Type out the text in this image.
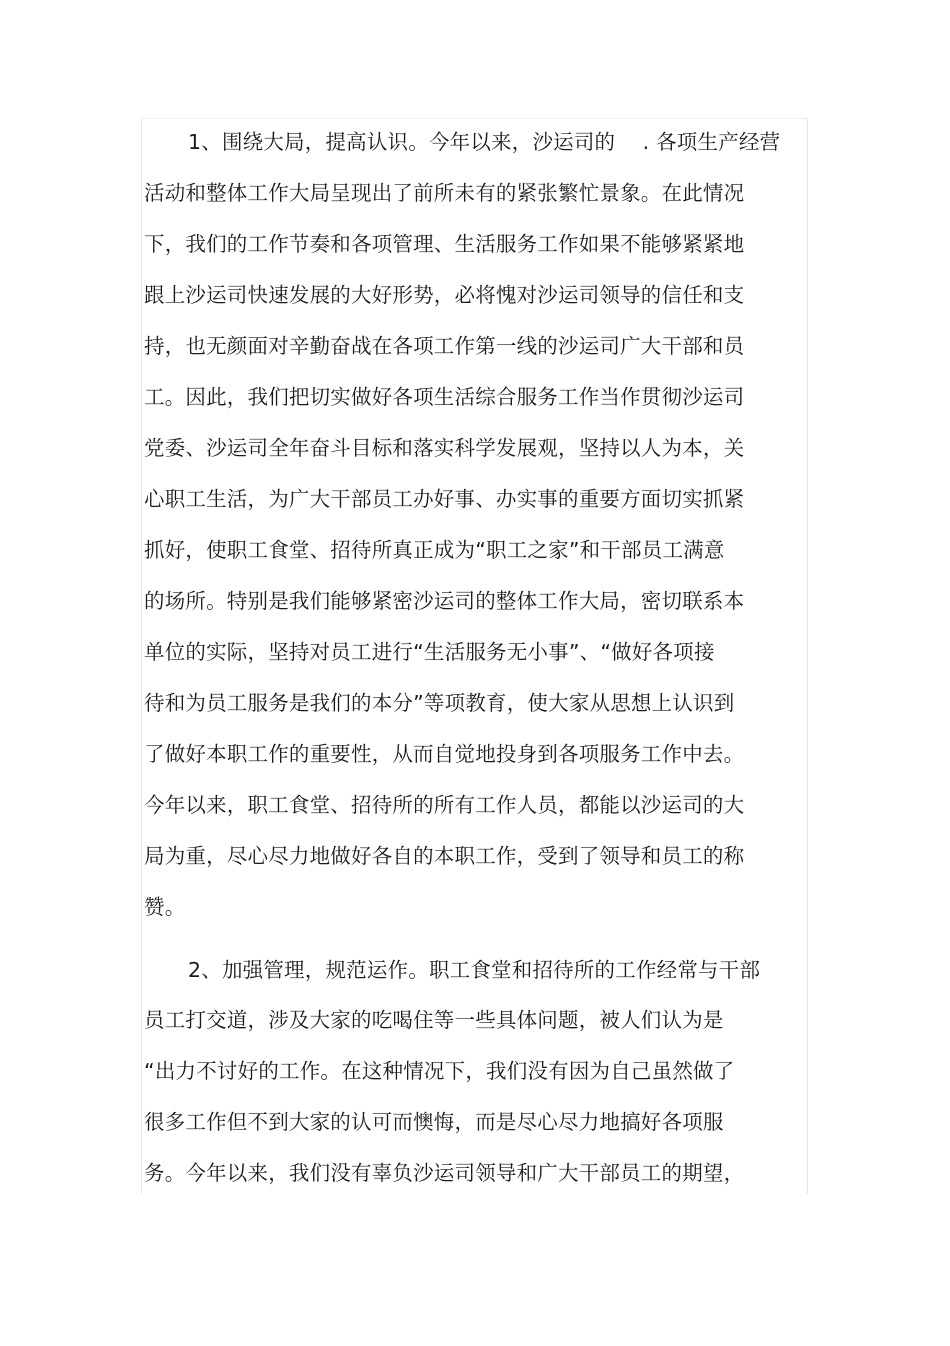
1、围绕大局，提高认识。今年以来，沙运司的　 . 各项生产经营
活动和整体工作大局呈现出了前所未有的紧张繁忙景象。在此情况
下，我们的工作节奏和各项管理、生活服务工作如果不能够紧紧地
跟上沙运司快速发展的大好形势，必将愧对沙运司领导的信任和支
持，也无颜面对辛勤奋战在各项工作第一线的沙运司广大干部和员
工。因此，我们把切实做好各项生活综合服务工作当作贯彻沙运司
党委、沙运司全年奋斗目标和落实科学发展观，坚持以人为本，关
心职工生活，为广大干部员工办好事、办实事的重要方面切实抓紧
抓好，使职工食堂、招待所真正成为“职工之家”和干部员工满意
的场所。特别是我们能够紧密沙运司的整体工作大局，密切联系本
单位的实际，坚持对员工进行“生活服务无小事”、“做好各项接
待和为员工服务是我们的本分”等项教育，使大家从思想上认识到
了做好本职工作的重要性，从而自觉地投身到各项服务工作中去。
今年以来，职工食堂、招待所的所有工作人员，都能以沙运司的大
局为重，尽心尽力地做好各自的本职工作，受到了领导和员工的称
赞。
2、加强管理，规范运作。职工食堂和招待所的工作经常与干部
员工打交道，涉及大家的吃喝住等一些具体问题，被人们认为是
“出力不讨好的工作。在这种情况下，我们没有因为自己虽然做了
很多工作但不到大家的认可而懊悔，而是尽心尽力地搞好各项服
务。今年以来，我们没有辜负沙运司领导和广大干部员工的期望，
